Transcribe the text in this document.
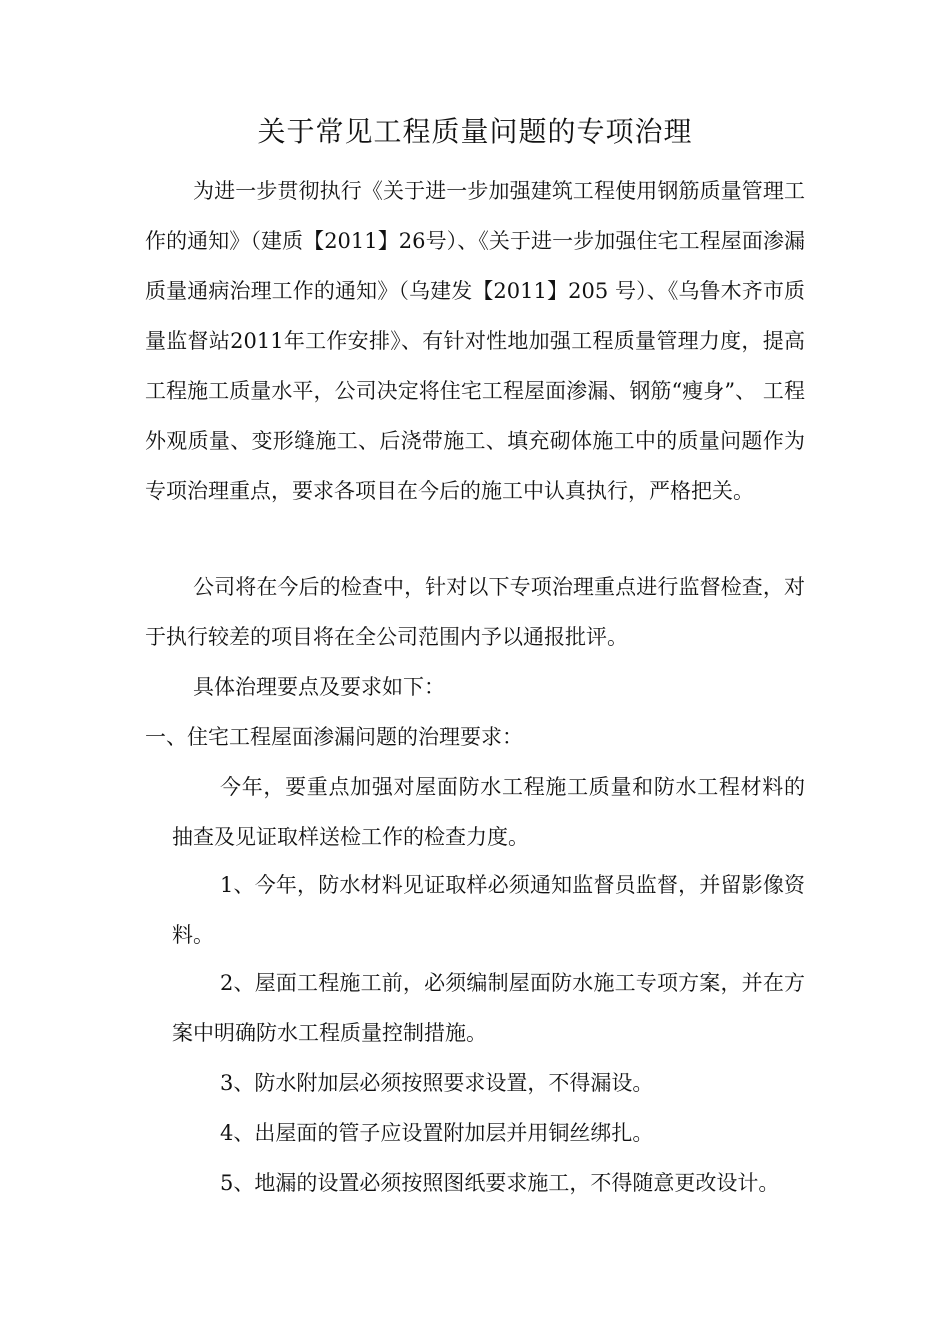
关于常见工程质量问题的专项治理

为进一步贯彻执行《关于进一步加强建筑工程使用钢筋质量管理工作的通知》（建质【2011】26号）、《关于进一步加强住宅工程屋面渗漏质量通病治理工作的通知》（乌建发【2011】205 号）、《乌鲁木齐市质量监督站2011年工作安排》、有针对性地加强工程质量管理力度，提高工程施工质量水平，公司决定将住宅工程屋面渗漏、钢筋“瘦身”、 工程外观质量、变形缝施工、后浇带施工、填充砌体施工中的质量问题作为专项治理重点，要求各项目在今后的施工中认真执行，严格把关。

公司将在今后的检查中，针对以下专项治理重点进行监督检查，对于执行较差的项目将在全公司范围内予以通报批评。

具体治理要点及要求如下：

一、住宅工程屋面渗漏问题的治理要求：

今年，要重点加强对屋面防水工程施工质量和防水工程材料的抽查及见证取样送检工作的检查力度。

1、今年，防水材料见证取样必须通知监督员监督，并留影像资料。

2、屋面工程施工前，必须编制屋面防水施工专项方案，并在方案中明确防水工程质量控制措施。

3、防水附加层必须按照要求设置，不得漏设。

4、出屋面的管子应设置附加层并用铜丝绑扎。

5、地漏的设置必须按照图纸要求施工，不得随意更改设计。
